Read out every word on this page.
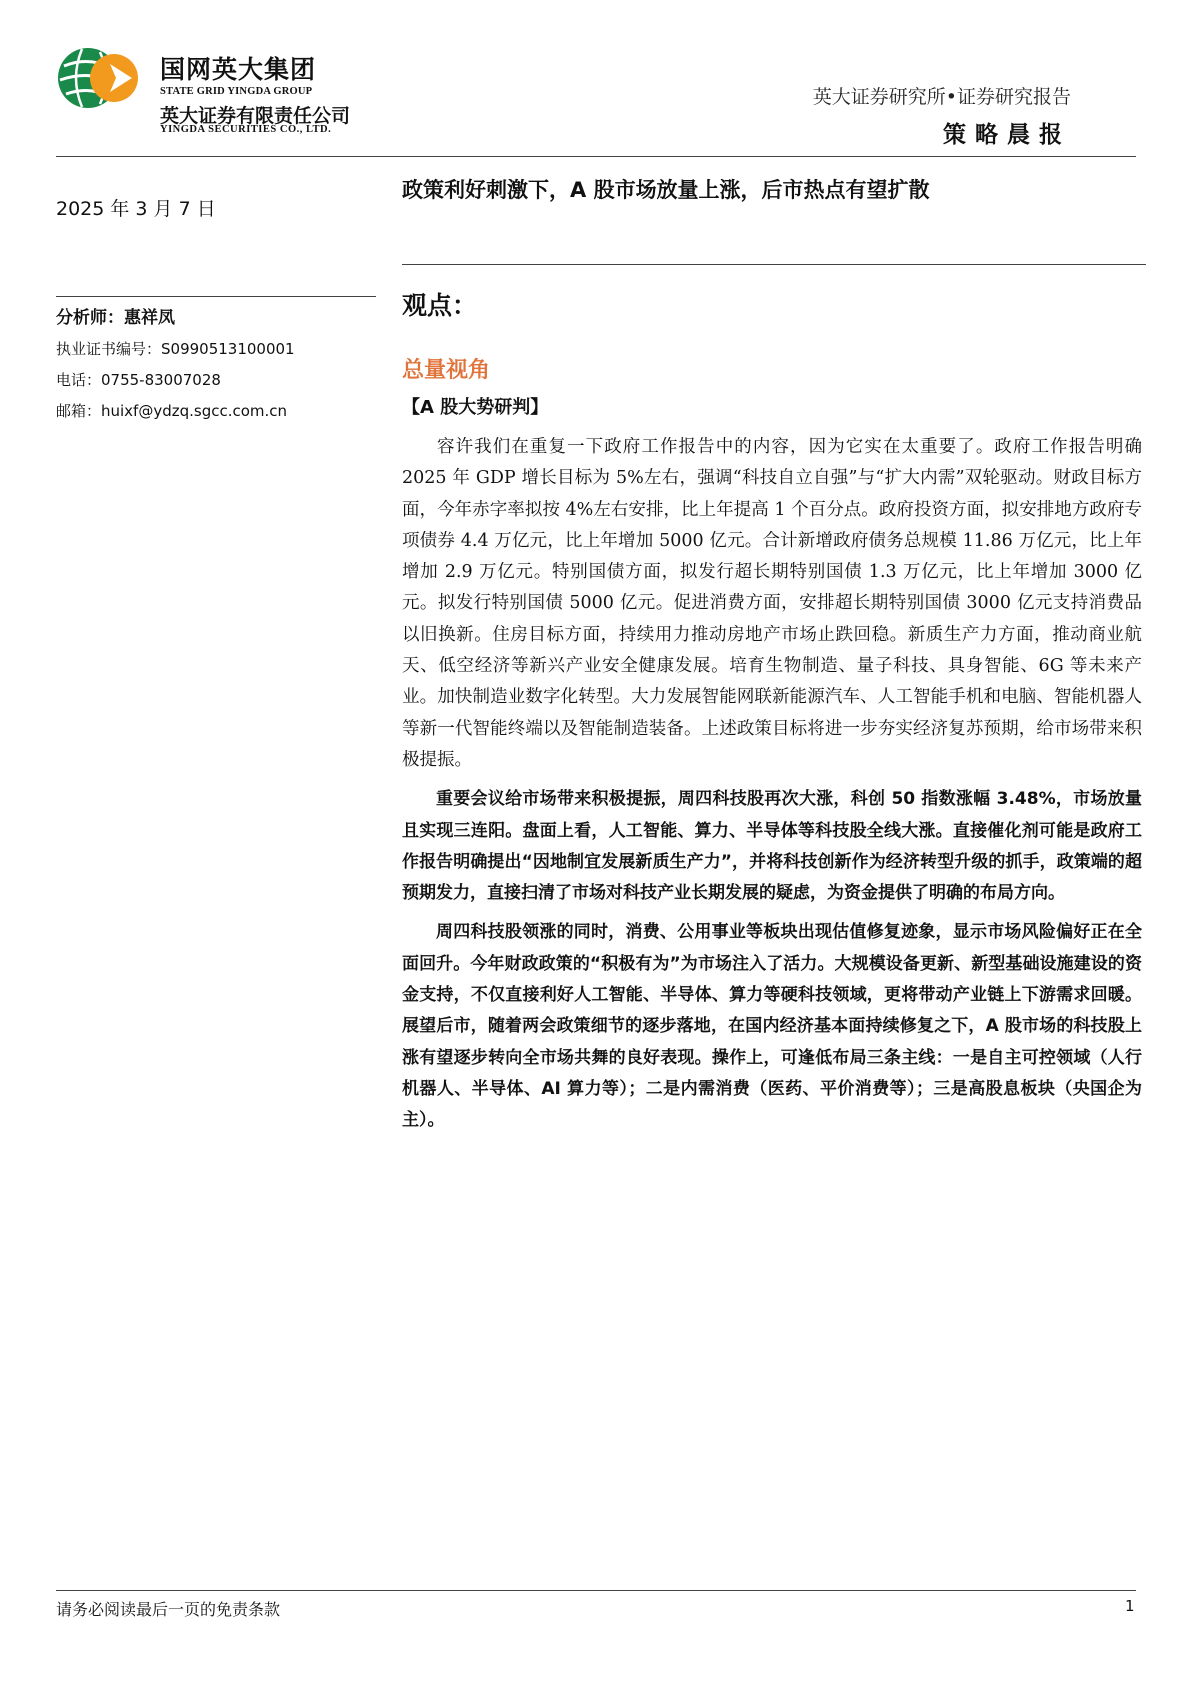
国网英大集团
STATE GRID YINGDA GROUP
英大证券有限责任公司
YINGDA SECURITIES CO., LTD.
英大证券研究所•证券研究报告
策略晨报
2025 年 3 月 7 日
分析师：惠祥凤
执业证书编号：S0990513100001
电话：0755-83007028
邮箱：huixf@ydzq.sgcc.com.cn
政策利好刺激下，A 股市场放量上涨，后市热点有望扩散
观点：
总量视角
【A 股大势研判】

容许我们在重复一下政府工作报告中的内容，因为它实在太重要了。政府工作报告明确 2025 年 GDP 增长目标为 5%左右，强调“科技自立自强”与“扩大内需”双轮驱动。财政目标方面，今年赤字率拟按 4%左右安排，比上年提高 1 个百分点。政府投资方面，拟安排地方政府专项债券 4.4 万亿元，比上年增加 5000 亿元。合计新增政府债务总规模 11.86 万亿元，比上年增加 2.9 万亿元。特别国债方面，拟发行超长期特别国债 1.3 万亿元，比上年增加 3000 亿元。拟发行特别国债 5000 亿元。促进消费方面，安排超长期特别国债 3000 亿元支持消费品以旧换新。住房目标方面，持续用力推动房地产市场止跌回稳。新质生产力方面，推动商业航天、低空经济等新兴产业安全健康发展。培育生物制造、量子科技、具身智能、6G 等未来产业。加快制造业数字化转型。大力发展智能网联新能源汽车、人工智能手机和电脑、智能机器人等新一代智能终端以及智能制造装备。上述政策目标将进一步夯实经济复苏预期，给市场带来积极提振。

重要会议给市场带来积极提振，周四科技股再次大涨，科创 50 指数涨幅 3.48%，市场放量且实现三连阳。盘面上看，人工智能、算力、半导体等科技股全线大涨。直接催化剂可能是政府工作报告明确提出“因地制宜发展新质生产力”，并将科技创新作为经济转型升级的抓手，政策端的超预期发力，直接扫清了市场对科技产业长期发展的疑虑，为资金提供了明确的布局方向。

周四科技股领涨的同时，消费、公用事业等板块出现估值修复迹象，显示市场风险偏好正在全面回升。今年财政政策的“积极有为”为市场注入了活力。大规模设备更新、新型基础设施建设的资金支持，不仅直接利好人工智能、半导体、算力等硬科技领域，更将带动产业链上下游需求回暖。展望后市，随着两会政策细节的逐步落地，在国内经济基本面持续修复之下，A 股市场的科技股上涨有望逐步转向全市场共舞的良好表现。操作上，可逢低布局三条主线：一是自主可控领域（人行机器人、半导体、AI 算力等）；二是内需消费（医药、平价消费等）；三是高股息板块（央国企为主）。

请务必阅读最后一页的免责条款	1
